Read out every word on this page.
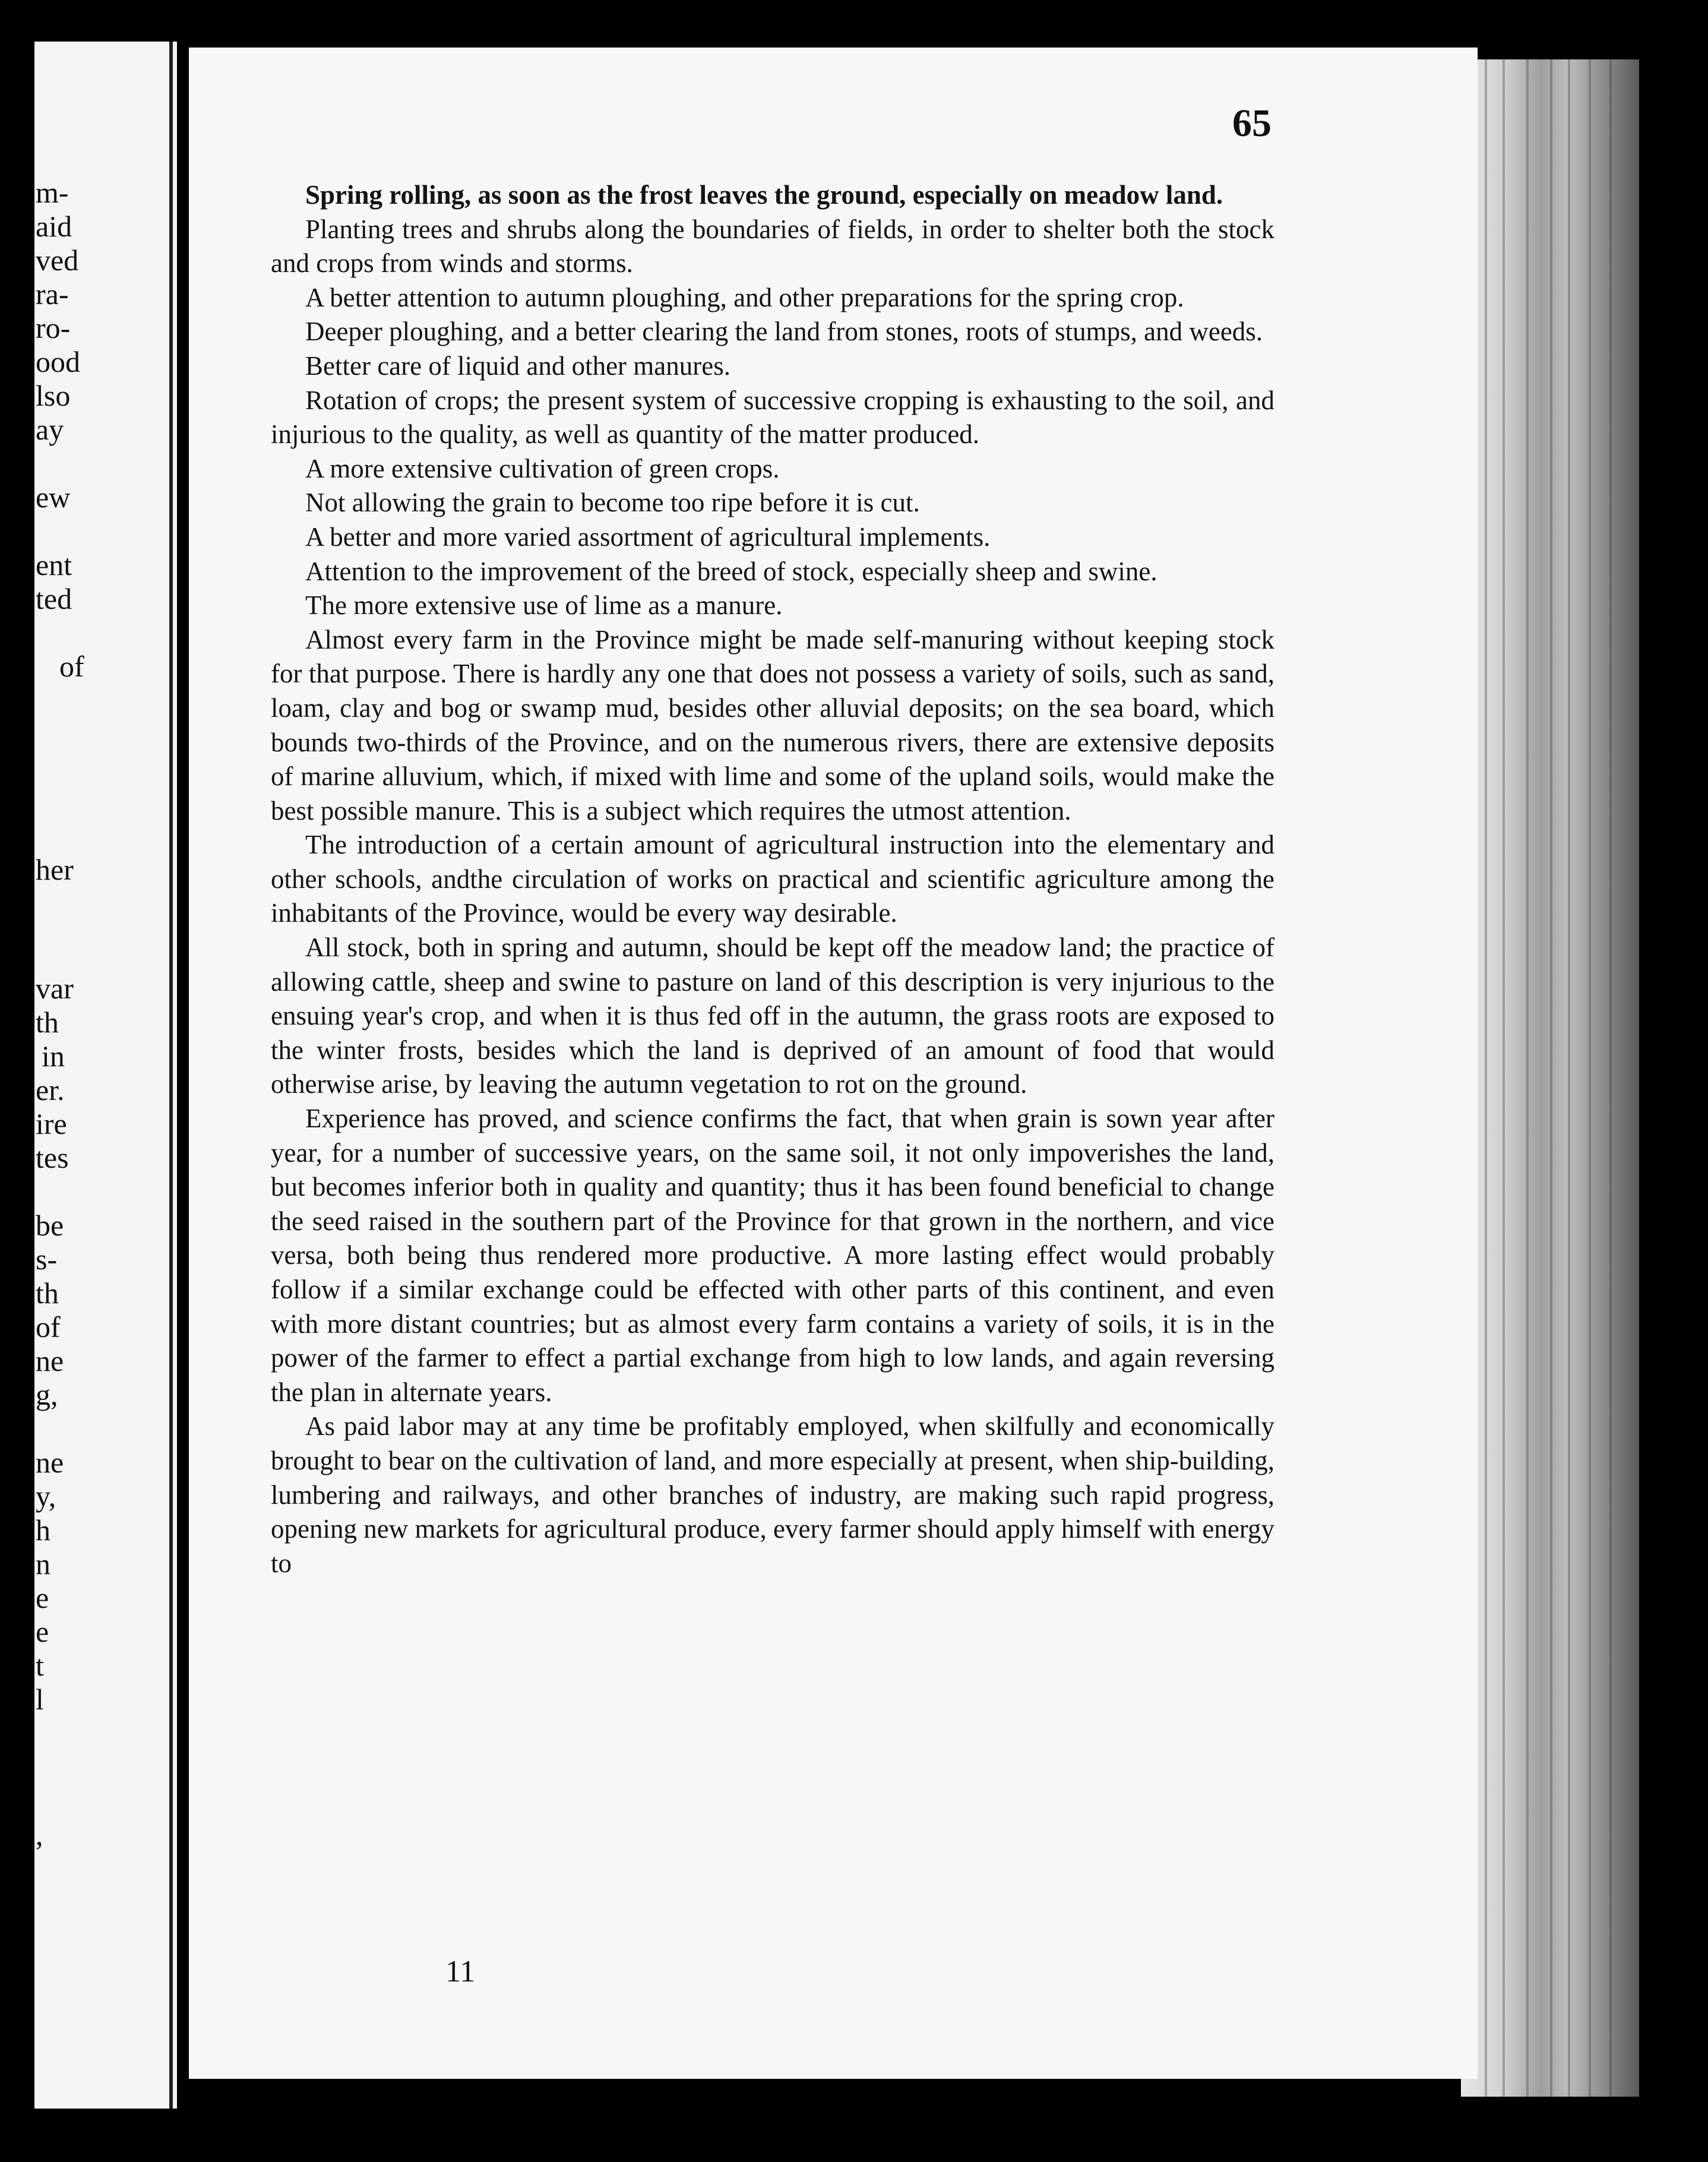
m-
aid
ved
ra-
ro-
ood
lso
ay
ew
ent
ted
of
her
var
th
in
er.
ire
tes
be
s-
th
of
ne
g,
ne
y,
h
n
e
e
t
l
,

Spring rolling, as soon as the frost leaves the ground, especially on meadow land.

Planting trees and shrubs along the boundaries of fields, in order to shelter both the stock and crops from winds and storms.

A better attention to autumn ploughing, and other preparations for the spring crop.

Deeper ploughing, and a better clearing the land from stones, roots of stumps, and weeds.

Better care of liquid and other manures.

Rotation of crops; the present system of successive cropping is exhausting to the soil, and injurious to the quality, as well as quantity of the matter produced.

A more extensive cultivation of green crops.

Not allowing the grain to become too ripe before it is cut.

A better and more varied assortment of agricultural implements.

Attention to the improvement of the breed of stock, especially sheep and swine.

The more extensive use of lime as a manure.

Almost every farm in the Province might be made self-manuring without keeping stock for that purpose. There is hardly any one that does not possess a variety of soils, such as sand, loam, clay and bog or swamp mud, besides other alluvial deposits; on the sea board, which bounds two-thirds of the Province, and on the numerous rivers, there are extensive deposits of marine alluvium, which, if mixed with lime and some of the upland soils, would make the best possible manure. This is a subject which requires the utmost attention.

The introduction of a certain amount of agricultural instruction into the elementary and other schools, andthe circulation of works on practical and scientific agriculture among the inhabitants of the Province, would be every way desirable.

All stock, both in spring and autumn, should be kept off the meadow land; the practice of allowing cattle, sheep and swine to pasture on land of this description is very injurious to the ensuing year's crop, and when it is thus fed off in the autumn, the grass roots are exposed to the winter frosts, besides which the land is deprived of an amount of food that would otherwise arise, by leaving the autumn vegetation to rot on the ground.

Experience has proved, and science confirms the fact, that when grain is sown year after year, for a number of successive years, on the same soil, it not only impoverishes the land, but becomes inferior both in quality and quantity; thus it has been found beneficial to change the seed raised in the southern part of the Province for that grown in the northern, and vice versa, both being thus rendered more productive. A more lasting effect would probably follow if a similar exchange could be effected with other parts of this continent, and even with more distant countries; but as almost every farm contains a variety of soils, it is in the power of the farmer to effect a partial exchange from high to low lands, and again reversing the plan in alternate years.

As paid labor may at any time be profitably employed, when skilfully and economically brought to bear on the cultivation of land, and more especially at present, when ship-building, lumbering and railways, and other branches of industry, are making such rapid progress, opening new markets for agricultural produce, every farmer should apply himself with energy to

11
